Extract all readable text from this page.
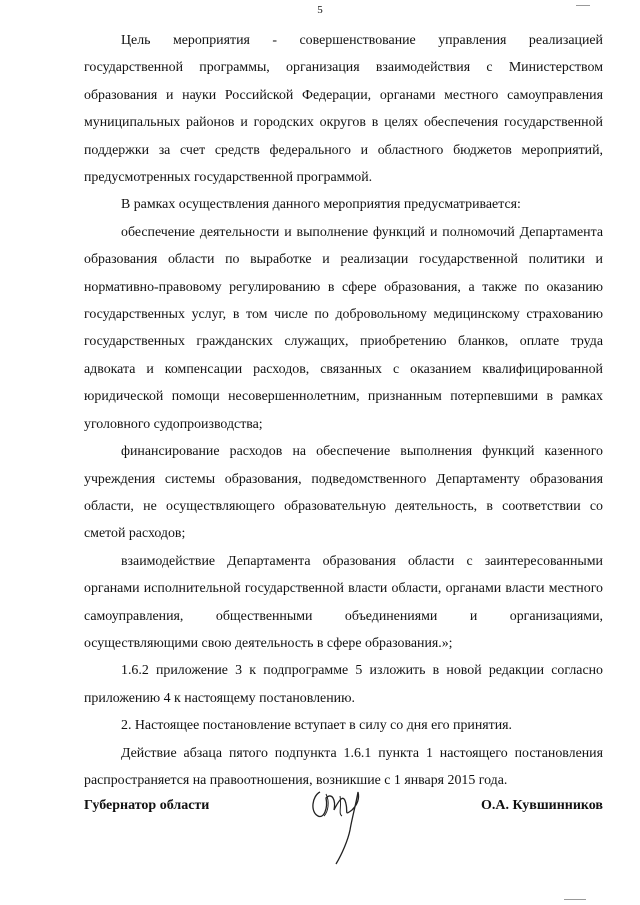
5

Цель мероприятия - совершенствование управления реализацией государственной программы, организация взаимодействия с Министерством образования и науки Российской Федерации, органами местного самоуправления муниципальных районов и городских округов в целях обеспечения государственной поддержки за счет средств федерального и областного бюджетов мероприятий, предусмотренных государственной программой.

В рамках осуществления данного мероприятия предусматривается:

обеспечение деятельности и выполнение функций и полномочий Департамента образования области по выработке и реализации государственной политики и нормативно-правовому регулированию в сфере образования, а также по оказанию государственных услуг, в том числе по добровольному медицинскому страхованию государственных гражданских служащих, приобретению бланков, оплате труда адвоката и компенсации расходов, связанных с оказанием квалифицированной юридической помощи несовершеннолетним, признанным потерпевшими в рамках уголовного судопроизводства;

финансирование расходов на обеспечение выполнения функций казенного учреждения системы образования, подведомственного Департаменту образования области, не осуществляющего образовательную деятельность, в соответствии со сметой расходов;

взаимодействие Департамента образования области с заинтересованными органами исполнительной государственной власти области, органами власти местного самоуправления, общественными объединениями и организациями, осуществляющими свою деятельность в сфере образования.»;

1.6.2 приложение 3 к подпрограмме 5 изложить в новой редакции согласно приложению 4 к настоящему постановлению.

2. Настоящее постановление вступает в силу со дня его принятия.

Действие абзаца пятого подпункта 1.6.1 пункта 1 настоящего постановления распространяется на правоотношения, возникшие с 1 января 2015 года.

Губернатор области	О.А. Кувшинников
